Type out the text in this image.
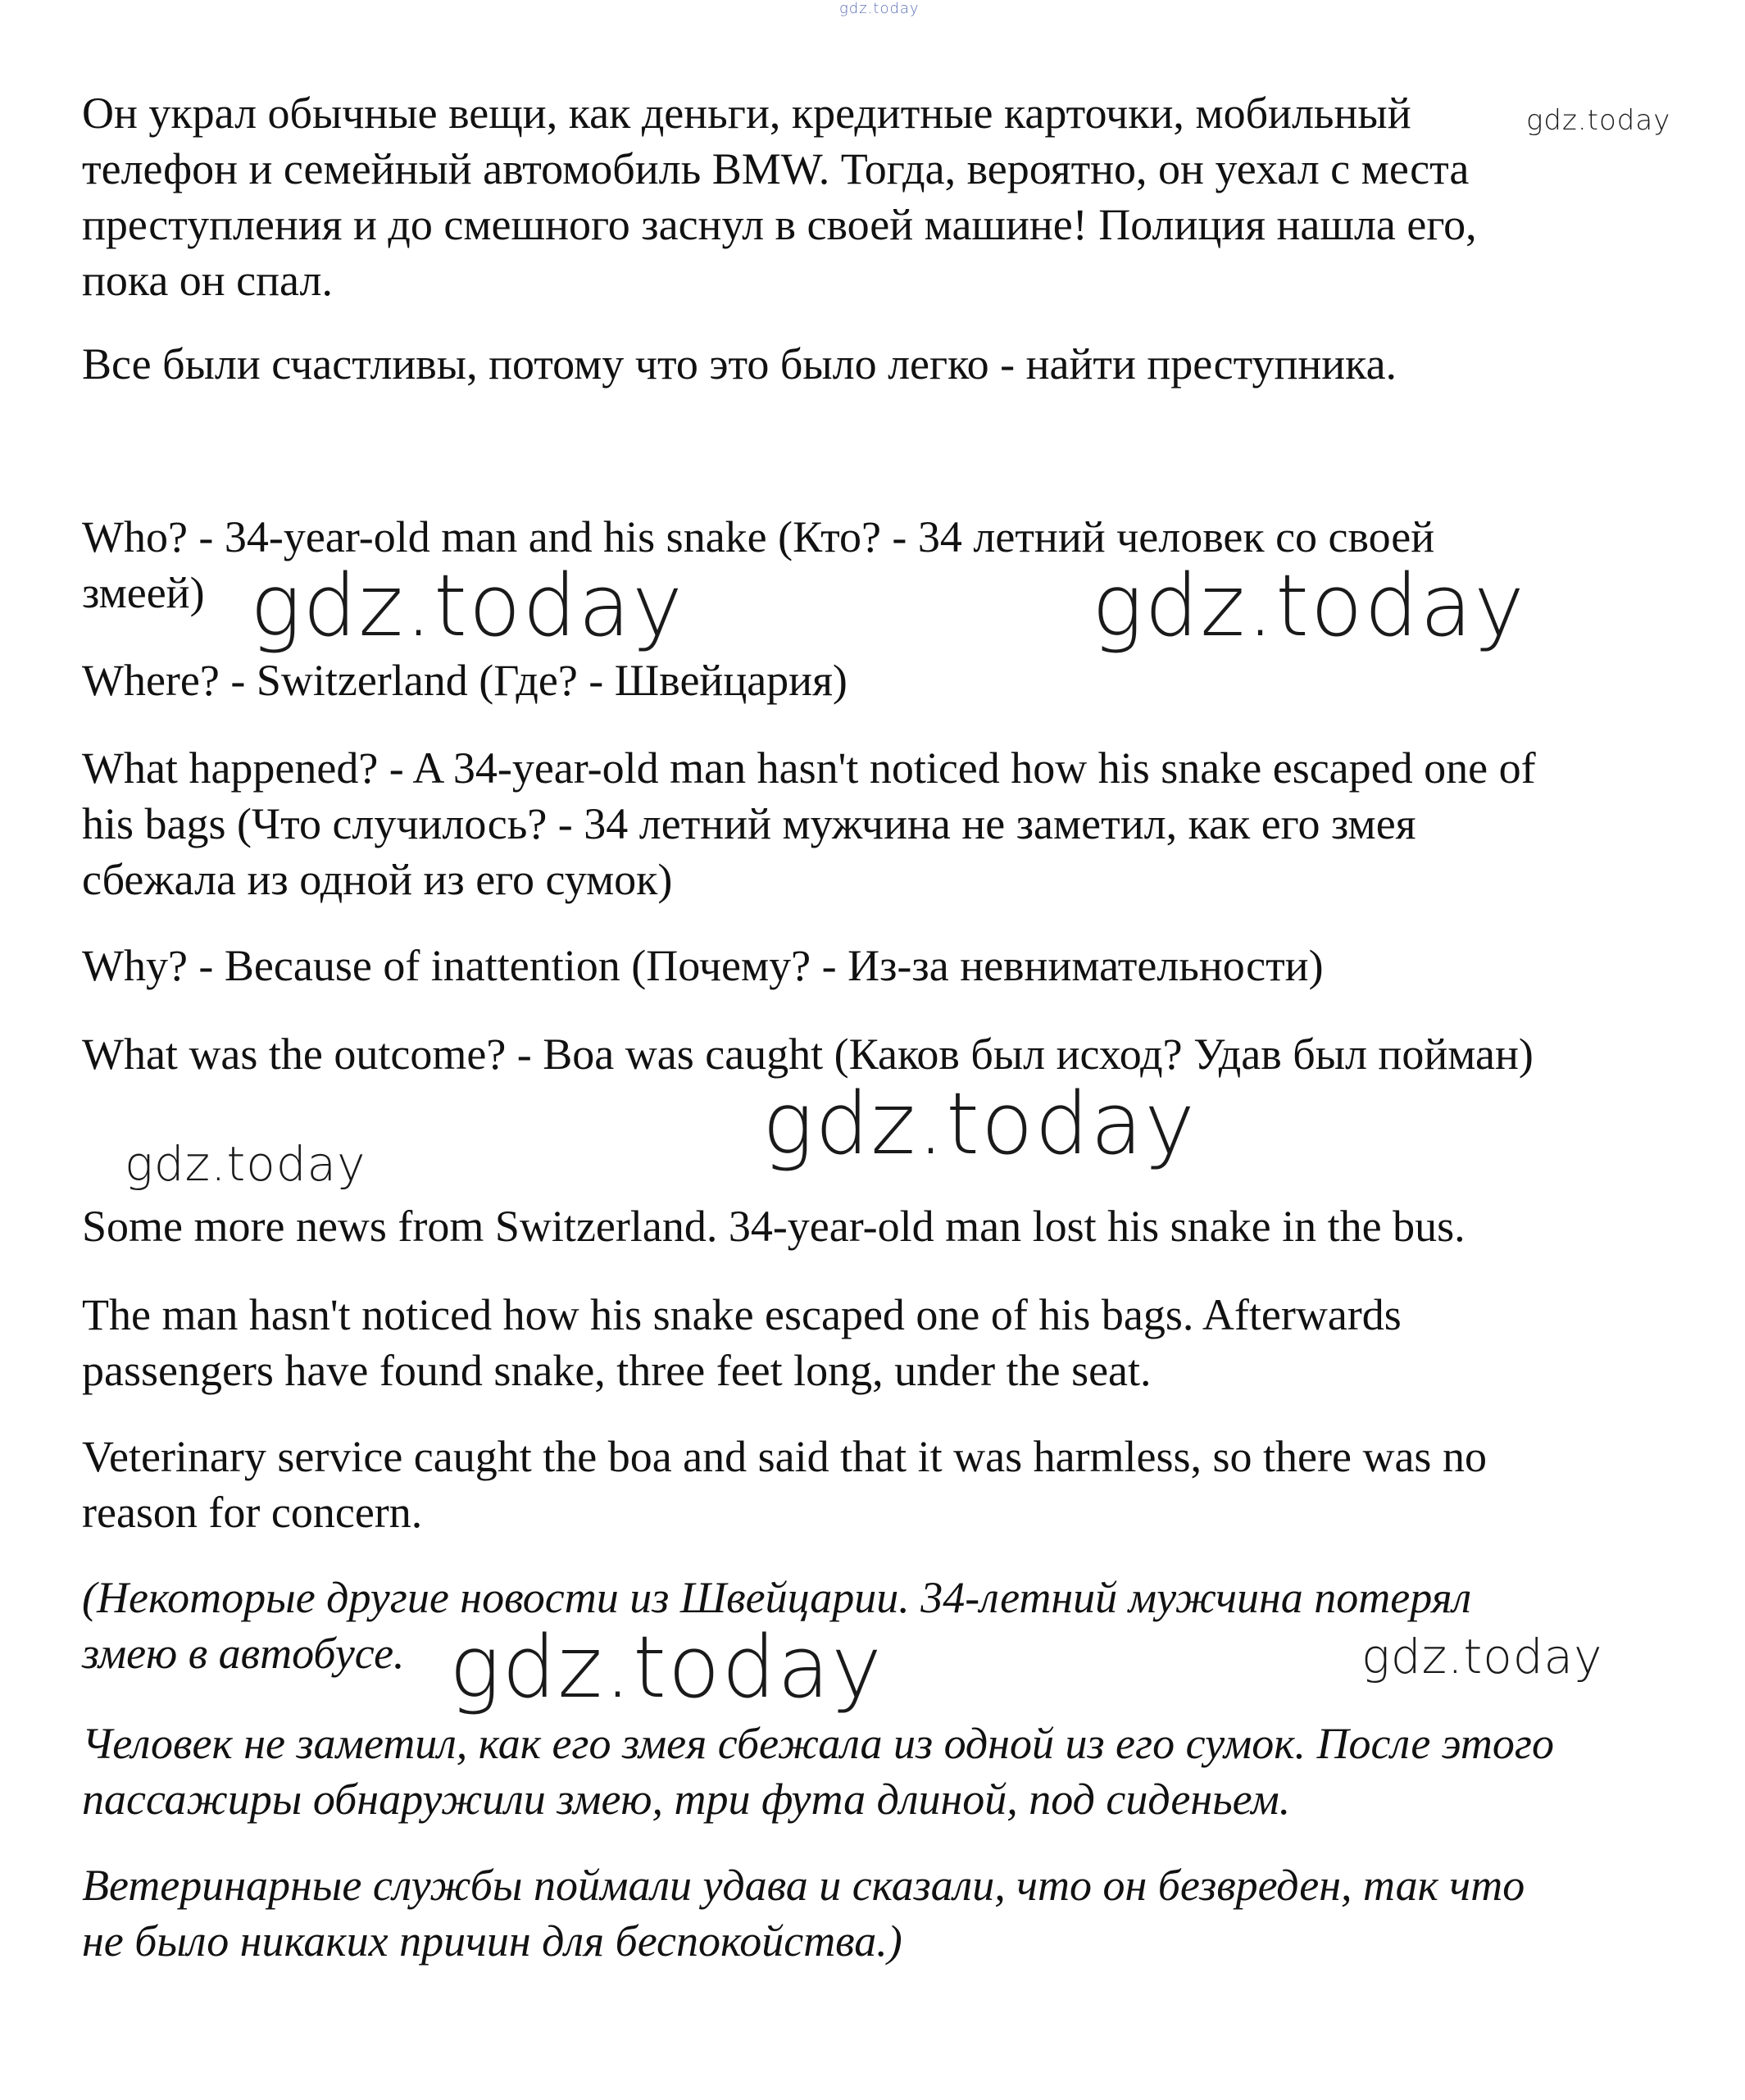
gdz.today

Он украл обычные вещи, как деньги, кредитные карточки, мобильный
телефон и семейный автомобиль BMW. Тогда, вероятно, он уехал с места
преступления и до смешного заснул в своей машине! Полиция нашла его,
пока он спал.

gdz.today

Все были счастливы, потому что это было легко - найти преступника.

Who? - 34-year-old man and his snake (Кто? - 34 летний человек со своей
змеей) gdz.today	gdz.today

Where? - Switzerland (Где? - Швейцария)

What happened? - A 34-year-old man hasn't noticed how his snake escaped one of
his bags (Что случилось? - 34 летний мужчина не заметил, как его змея
сбежала из одной из его сумок)

Why? - Because of inattention (Почему? - Из-за невнимательности)

What was the outcome? - Boa was caught (Каков был исход? Удав был пойман)

gdz.today
gdz.today

Some more news from Switzerland. 34-year-old man lost his snake in the bus.

The man hasn't noticed how his snake escaped one of his bags. Afterwards
passengers have found snake, three feet long, under the seat.

Veterinary service caught the boa and said that it was harmless, so there was no
reason for concern.

(Некоторые другие новости из Швейцарии. 34-летний мужчина потерял
змею в автобусе. gdz.today	gdz.today

Человек не заметил, как его змея сбежала из одной из его сумок. После этого
пассажиры обнаружили змею, три фута длиной, под сиденьем.

Ветеринарные службы поймали удава и сказали, что он безвреден, так что
не было никаких причин для беспокойства.)
